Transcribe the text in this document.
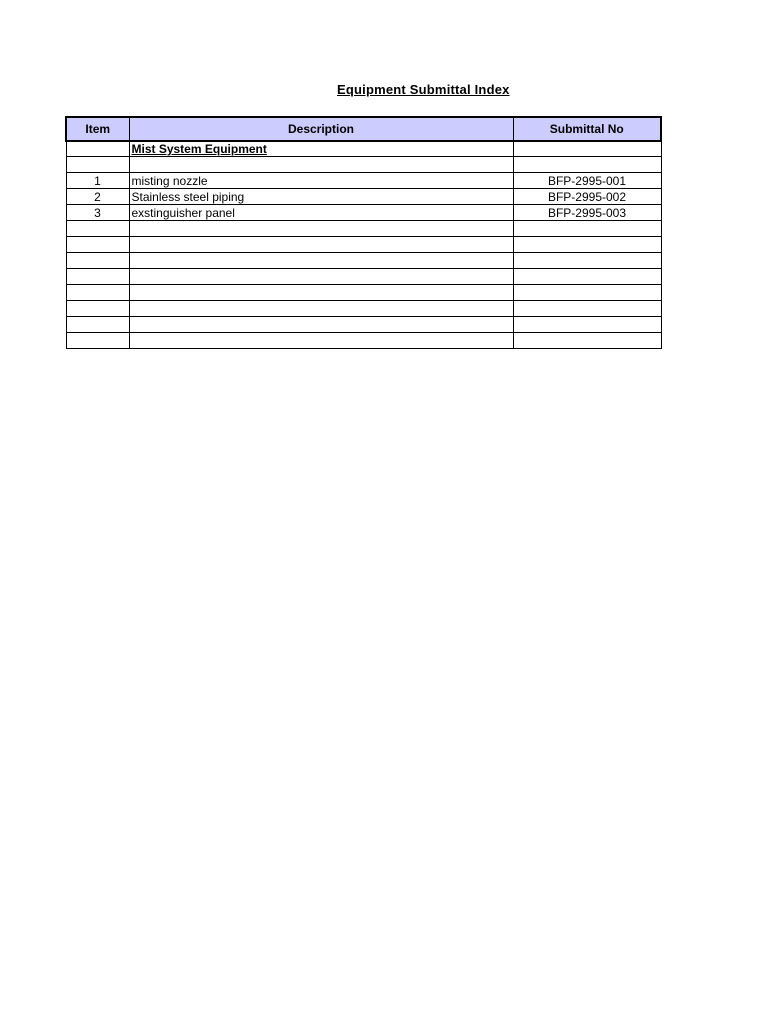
Equipment Submittal Index
Item	Description	Submittal No
	Mist System Equipment	

1	misting nozzle	BFP-2995-001
2	Stainless steel piping	BFP-2995-002
3	exstinguisher panel	BFP-2995-003
